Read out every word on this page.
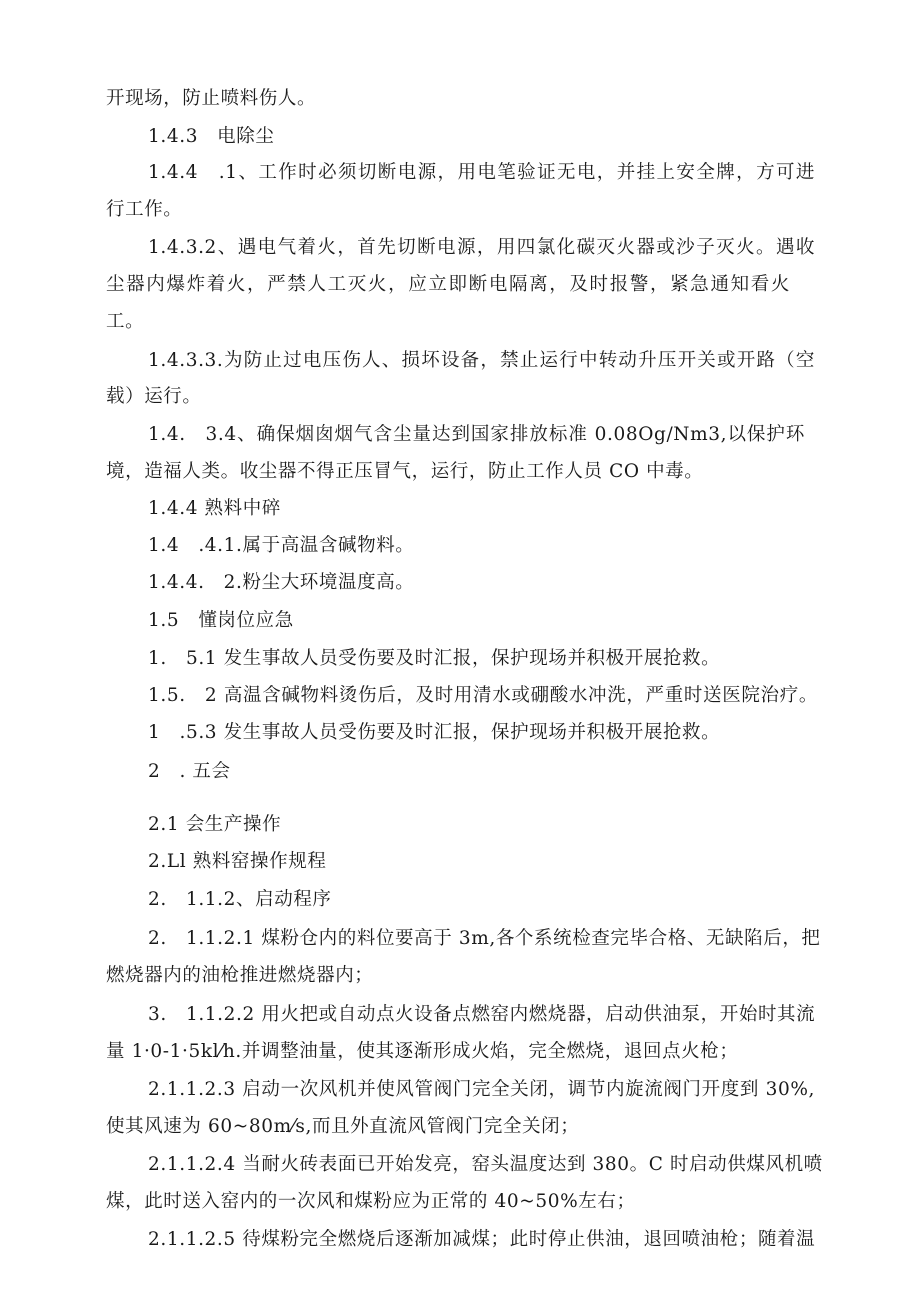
开现场，防止喷料伤人。
1.4.3　电除尘
1.4.4　.1、工作时必须切断电源，用电笔验证无电，并挂上安全牌，方可进
行工作。
1.4.3.2、遇电气着火，首先切断电源，用四氯化碳灭火器或沙子灭火。遇收
尘器内爆炸着火，严禁人工灭火，应立即断电隔离，及时报警，紧急通知看火
工。
1.4.3.3.为防止过电压伤人、损坏设备，禁止运行中转动升压开关或开路（空
载）运行。
1.4.　3.4、确保烟囱烟气含尘量达到国家排放标准 0.08Og/Nm3,以保护环
境，造福人类。收尘器不得正压冒气，运行，防止工作人员 CO 中毒。
1.4.4 熟料中碎
1.4　.4.1.属于高温含碱物料。
1.4.4.　2.粉尘大环境温度高。
1.5　懂岗位应急
1.　5.1 发生事故人员受伤要及时汇报，保护现场并积极开展抢救。
1.5.　2 高温含碱物料烫伤后，及时用清水或硼酸水冲洗，严重时送医院治疗。
1　.5.3 发生事故人员受伤要及时汇报，保护现场并积极开展抢救。
2　. 五会
2.1 会生产操作
2.Ll 熟料窑操作规程
2.　1.1.2、启动程序
2.　1.1.2.1 煤粉仓内的料位要高于 3m,各个系统检查完毕合格、无缺陷后，把
燃烧器内的油枪推进燃烧器内；
3.　1.1.2.2 用火把或自动点火设备点燃窑内燃烧器，启动供油泵，开始时其流
量 1·0-1·5kl⁄h.并调整油量，使其逐渐形成火焰，完全燃烧，退回点火枪；
2.1.1.2.3 启动一次风机并使风管阀门完全关闭，调节内旋流阀门开度到 30%,
使其风速为 60~80m⁄s,而且外直流风管阀门完全关闭；
2.1.1.2.4 当耐火砖表面已开始发亮，窑头温度达到 380。C 时启动供煤风机喷
煤，此时送入窑内的一次风和煤粉应为正常的 40~50%左右；
2.1.1.2.5 待煤粉完全燃烧后逐渐加减煤；此时停止供油，退回喷油枪；随着温
